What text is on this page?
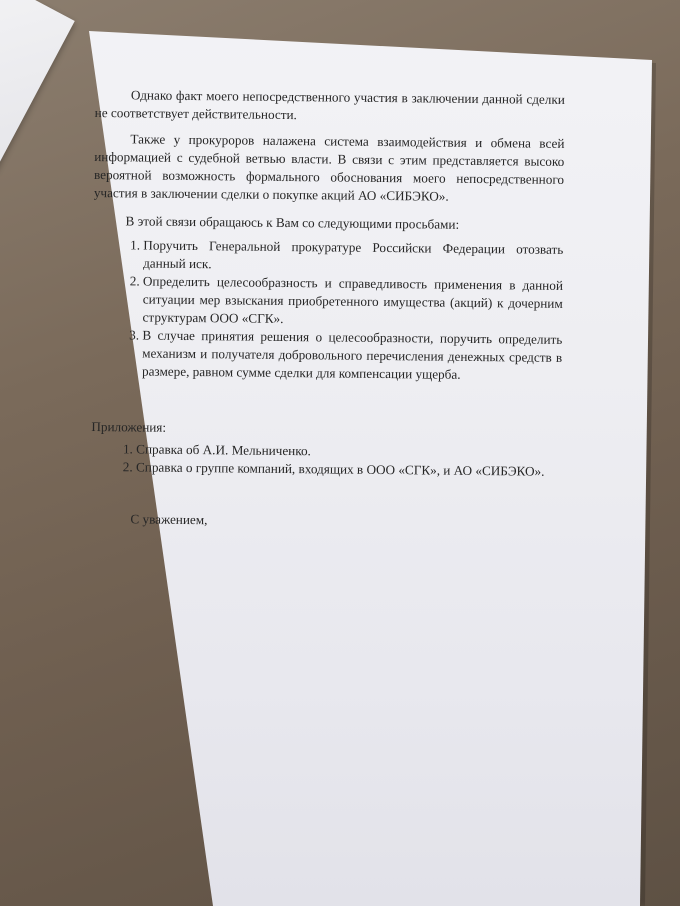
Однако факт моего непосредственного участия в заключении данной сделки не соответствует действительности.

Также у прокуроров налажена система взаимодействия и обмена всей информацией с судебной ветвью власти. В связи с этим представляется высоко вероятной возможность формального обоснования моего непосредственного участия в заключении сделки о покупке акций АО «СИБЭКО».

В этой связи обращаюсь к Вам со следующими просьбами:

1. Поручить Генеральной прокуратуре Российски Федерации отозвать данный иск.
2. Определить целесообразность и справедливость применения в данной ситуации мер взыскания приобретенного имущества (акций) к дочерним структурам ООО «СГК».
3. В случае принятия решения о целесообразности, поручить определить механизм и получателя добровольного перечисления денежных средств в размере, равном сумме сделки для компенсации ущерба.

Приложения:

1. Справка об А.И. Мельниченко.
2. Справка о группе компаний, входящих в ООО «СГК», и АО «СИБЭКО».

С уважением,
